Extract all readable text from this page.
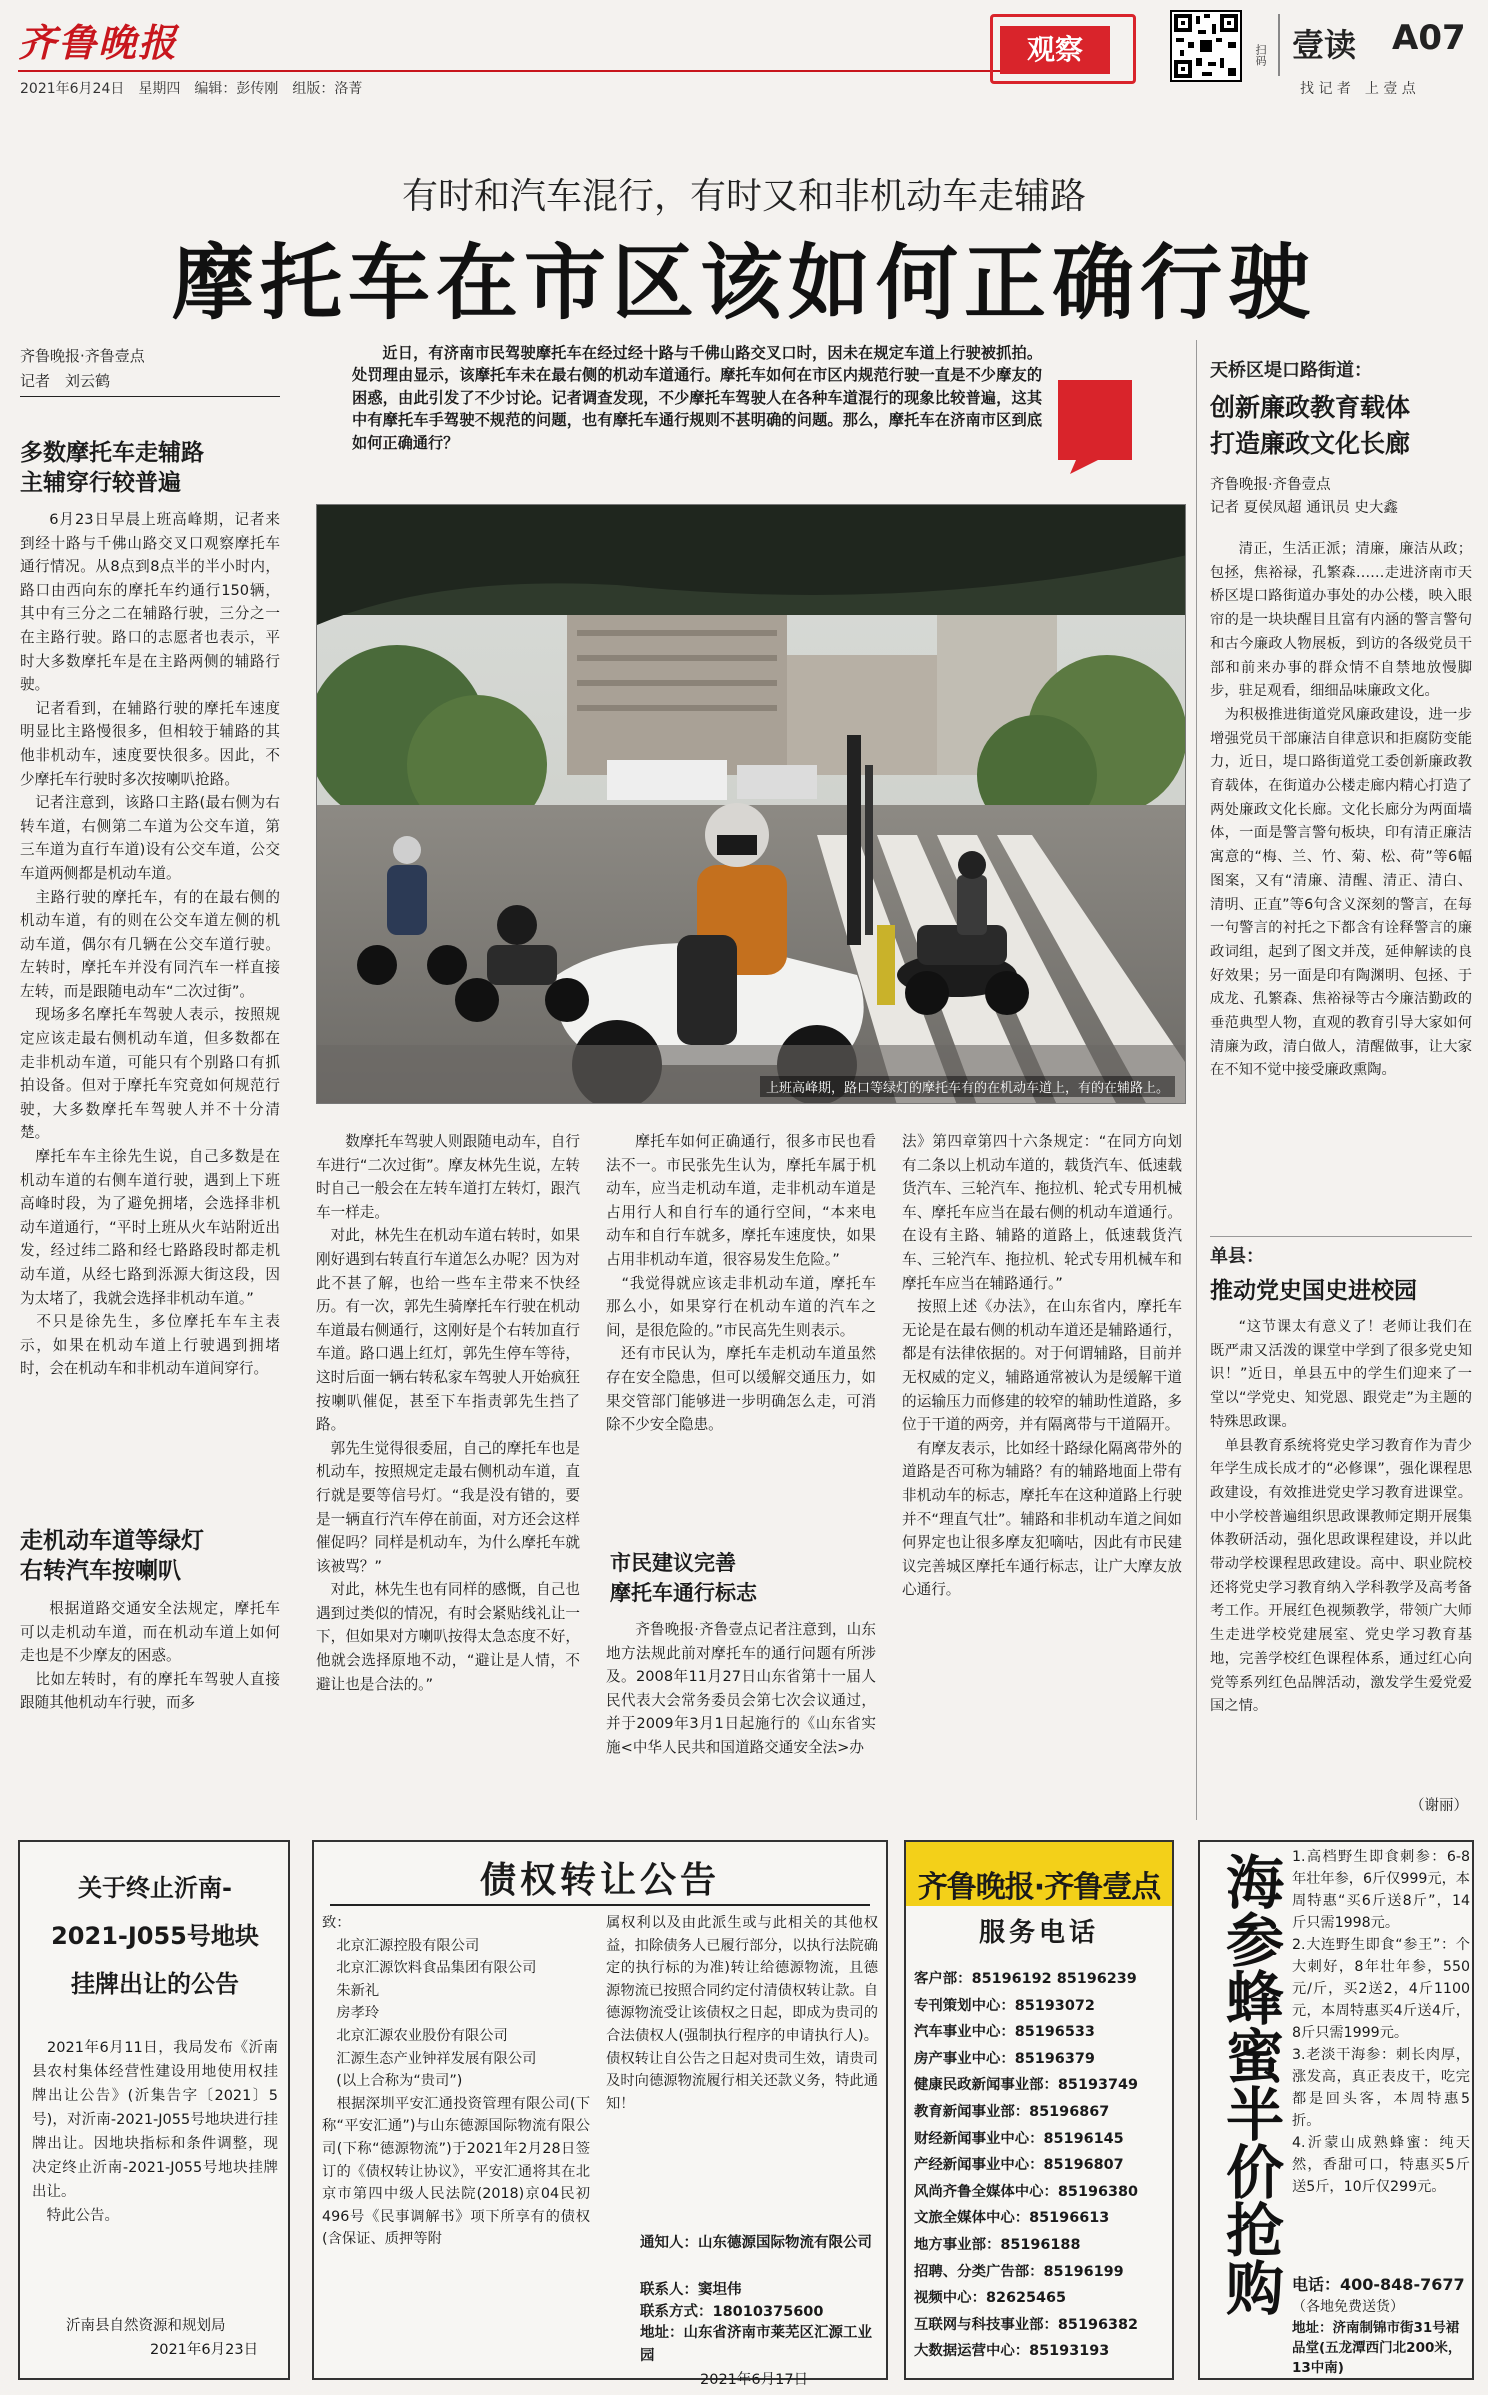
齐鲁晚报
2021年6月24日　星期四　编辑：彭传刚　组版：洛菁
观察	扫码 壹读 A07
找 记 者　上 壹 点
有时和汽车混行，有时又和非机动车走辅路
摩托车在市区该如何正确行驶
齐鲁晚报·齐鲁壹点
记者　刘云鹤
近日，有济南市民驾驶摩托车在经过经十路与千佛山路交叉口时，因未在规定车道上行驶被抓拍。处罚理由显示，该摩托车未在最右侧的机动车道通行。摩托车如何在市区内规范行驶一直是不少摩友的困惑，由此引发了不少讨论。记者调查发现，不少摩托车驾驶人在各种车道混行的现象比较普遍，这其中有摩托车手驾驶不规范的问题，也有摩托车通行规则不甚明确的问题。那么，摩托车在济南市区到底如何正确通行？
多数摩托车走辅路
主辅穿行较普遍
6月23日早晨上班高峰期，记者来到经十路与千佛山路交叉口观察摩托车通行情况。从8点到8点半的半小时内，路口由西向东的摩托车约通行150辆，其中有三分之二在辅路行驶，三分之一在主路行驶。路口的志愿者也表示，平时大多数摩托车是在主路两侧的辅路行驶。
　记者看到，在辅路行驶的摩托车速度明显比主路慢很多，但相较于辅路的其他非机动车，速度要快很多。因此，不少摩托车行驶时多次按喇叭抢路。
　记者注意到，该路口主路(最右侧为右转车道，右侧第二车道为公交车道，第三车道为直行车道)设有公交车道，公交车道两侧都是机动车道。
　主路行驶的摩托车，有的在最右侧的机动车道，有的则在公交车道左侧的机动车道，偶尔有几辆在公交车道行驶。左转时，摩托车并没有同汽车一样直接左转，而是跟随电动车“二次过街”。
　现场多名摩托车驾驶人表示，按照规定应该走最右侧机动车道，但多数都在走非机动车道，可能只有个别路口有抓拍设备。但对于摩托车究竟如何规范行驶，大多数摩托车驾驶人并不十分清楚。
　摩托车车主徐先生说，自己多数是在机动车道的右侧车道行驶，遇到上下班高峰时段，为了避免拥堵，会选择非机动车道通行，“平时上班从火车站附近出发，经过纬二路和经七路路段时都走机动车道，从经七路到泺源大街这段，因为太堵了，我就会选择非机动车道。”
　不只是徐先生，多位摩托车车主表示，如果在机动车道上行驶遇到拥堵时，会在机动车和非机动车道间穿行。
走机动车道等绿灯
右转汽车按喇叭
根据道路交通安全法规定，摩托车可以走机动车道，而在机动车道上如何走也是不少摩友的困惑。
　比如左转时，有的摩托车驾驶人直接跟随其他机动车行驶，而多
上班高峰期，路口等绿灯的摩托车有的在机动车道上，有的在辅路上。
数摩托车驾驶人则跟随电动车，自行车进行“二次过街”。摩友林先生说，左转时自己一般会在左转车道打左转灯，跟汽车一样走。
　对此，林先生在机动车道右转时，如果刚好遇到右转直行车道怎么办呢？因为对此不甚了解，也给一些车主带来不快经历。有一次，郭先生骑摩托车行驶在机动车道最右侧通行，这刚好是个右转加直行车道。路口遇上红灯，郭先生停车等待，这时后面一辆右转私家车驾驶人开始疯狂按喇叭催促，甚至下车指责郭先生挡了路。
　郭先生觉得很委屈，自己的摩托车也是机动车，按照规定走最右侧机动车道，直行就是要等信号灯。“我是没有错的，要是一辆直行汽车停在前面，对方还会这样催促吗？同样是机动车，为什么摩托车就该被骂？”
　对此，林先生也有同样的感慨，自己也遇到过类似的情况，有时会紧贴线礼让一下，但如果对方喇叭按得太急态度不好，他就会选择原地不动，“避让是人情，不避让也是合法的。”
摩托车如何正确通行，很多市民也看法不一。市民张先生认为，摩托车属于机动车，应当走机动车道，走非机动车道是占用行人和自行车的通行空间，“本来电动车和自行车就多，摩托车速度快，如果占用非机动车道，很容易发生危险。”
　“我觉得就应该走非机动车道，摩托车那么小，如果穿行在机动车道的汽车之间，是很危险的。”市民高先生则表示。
　还有市民认为，摩托车走机动车道虽然存在安全隐患，但可以缓解交通压力，如果交管部门能够进一步明确怎么走，可消除不少安全隐患。
市民建议完善
摩托车通行标志
齐鲁晚报·齐鲁壹点记者注意到，山东地方法规此前对摩托车的通行问题有所涉及。2008年11月27日山东省第十一届人民代表大会常务委员会第七次会议通过，并于2009年3月1日起施行的《山东省实施<中华人民共和国道路交通安全法>办
法》第四章第四十六条规定：“在同方向划有二条以上机动车道的，载货汽车、低速载货汽车、三轮汽车、拖拉机、轮式专用机械车、摩托车应当在最右侧的机动车道通行。在设有主路、辅路的道路上，低速载货汽车、三轮汽车、拖拉机、轮式专用机械车和摩托车应当在辅路通行。”
　按照上述《办法》，在山东省内，摩托车无论是在最右侧的机动车道还是辅路通行，都是有法律依据的。对于何谓辅路，目前并无权威的定义，辅路通常被认为是缓解干道的运输压力而修建的较窄的辅助性道路，多位于干道的两旁，并有隔离带与干道隔开。
　有摩友表示，比如经十路绿化隔离带外的道路是否可称为辅路？有的辅路地面上带有非机动车的标志，摩托车在这种道路上行驶并不“理直气壮”。辅路和非机动车道之间如何界定也让很多摩友犯嘀咕，因此有市民建议完善城区摩托车通行标志，让广大摩友放心通行。
天桥区堤口路街道：
创新廉政教育载体
打造廉政文化长廊
齐鲁晚报·齐鲁壹点
记者 夏侯凤超 通讯员 史大鑫
清正，生活正派；清廉，廉洁从政；包拯，焦裕禄，孔繁森……走进济南市天桥区堤口路街道办事处的办公楼，映入眼帘的是一块块醒目且富有内涵的警言警句和古今廉政人物展板，到访的各级党员干部和前来办事的群众情不自禁地放慢脚步，驻足观看，细细品味廉政文化。
　为积极推进街道党风廉政建设，进一步增强党员干部廉洁自律意识和拒腐防变能力，近日，堤口路街道党工委创新廉政教育载体，在街道办公楼走廊内精心打造了两处廉政文化长廊。文化长廊分为两面墙体，一面是警言警句板块，印有清正廉洁寓意的“梅、兰、竹、菊、松、荷”等6幅图案，又有“清廉、清醒、清正、清白、清明、正直”等6句含义深刻的警言，在每一句警言的衬托之下都含有诠释警言的廉政词组，起到了图文并茂，延伸解读的良好效果；另一面是印有陶渊明、包拯、于成龙、孔繁森、焦裕禄等古今廉洁勤政的垂范典型人物，直观的教育引导大家如何清廉为政，清白做人，清醒做事，让大家在不知不觉中接受廉政熏陶。
单县：
推动党史国史进校园
“这节课太有意义了！老师让我们在既严肃又活泼的课堂中学到了很多党史知识！”近日，单县五中的学生们迎来了一堂以“学党史、知党恩、跟党走”为主题的特殊思政课。
　单县教育系统将党史学习教育作为青少年学生成长成才的“必修课”，强化课程思政建设，有效推进党史学习教育进课堂。中小学校普遍组织思政课教师定期开展集体教研活动，强化思政课程建设，并以此带动学校课程思政建设。高中、职业院校还将党史学习教育纳入学科教学及高考备考工作。开展红色视频教学，带领广大师生走进学校党建展室、党史学习教育基地，完善学校红色课程体系，通过红心向党等系列红色品牌活动，激发学生爱党爱国之情。
（谢丽）
关于终止沂南-
2021-J055号地块
挂牌出让的公告
　2021年6月11日，我局发布《沂南县农村集体经营性建设用地使用权挂牌出让公告》(沂集告字〔2021〕5号)，对沂南-2021-J055号地块进行挂牌出让。因地块指标和条件调整，现决定终止沂南-2021-J055号地块挂牌出让。
　特此公告。
沂南县自然资源和规划局
2021年6月23日
债权转让公告
致：
　北京汇源控股有限公司
　北京汇源饮料食品集团有限公司
　朱新礼
　房孝玲
　北京汇源农业股份有限公司
　汇源生态产业钟祥发展有限公司
　(以上合称为“贵司”)
　根据深圳平安汇通投资管理有限公司(下称“平安汇通”)与山东德源国际物流有限公司(下称“德源物流”)于2021年2月28日签订的《债权转让协议》，平安汇通将其在北京市第四中级人民法院(2018)京04民初496号《民事调解书》项下所享有的债权(含保证、质押等附
属权利以及由此派生或与此相关的其他权益，扣除债务人已履行部分，以执行法院确定的执行标的为准)转让给德源物流，且德源物流已按照合同约定付清债权转让款。自德源物流受让该债权之日起，即成为贵司的合法债权人(强制执行程序的申请执行人)。债权转让自公告之日起对贵司生效，请贵司及时向德源物流履行相关还款义务，特此通知！
通知人：山东德源国际物流有限公司
联系人：窦坦伟
联系方式：18010375600
地址：山东省济南市莱芜区汇源工业园
2021年6月17日
齐鲁晚报·齐鲁壹点
服务电话
客户部： 85196192 85196239
专刊策划中心： 85193072
汽车事业中心： 85196533
房产事业中心： 85196379
健康民政新闻事业部： 85193749
教育新闻事业部： 85196867
财经新闻事业中心： 85196145
产经新闻事业中心： 85196807
风尚齐鲁全媒体中心： 85196380
文旅全媒体中心： 85196613
地方事业部： 85196188
招聘、分类广告部： 85196199
视频中心： 82625465
互联网与科技事业部： 85196382
大数据运营中心： 85193193
海参蜂蜜半价抢购 1.高档野生即食刺参：6-8年壮年参，6斤仅999元，本周特惠“买6斤送8斤”，14斤只需1998元。
2.大连野生即食“参王”：个大刺好，8年壮年参，550元/斤，买2送2，4斤1100元，本周特惠买4斤送4斤，8斤只需1999元。
3.老淡干海参：刺长肉厚，涨发高，真正表皮干，吃完都是回头客，本周特惠5折。
4.沂蒙山成熟蜂蜜：纯天然，香甜可口，特惠买5斤送5斤，10斤仅299元。
电话：400-848-7677
（各地免费送货）
地址：济南制锦市街31号裙品堂(五龙潭西门北200米，13中南)
